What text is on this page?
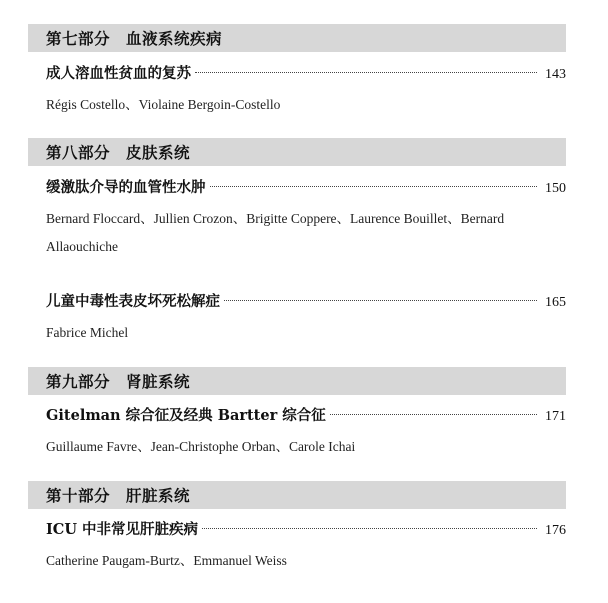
第七部分 血液系统疾病
成人溶血性贫血的复苏	143
Régis Costello、Violaine Bergoin-Costello
第八部分 皮肤系统
缓激肽介导的血管性水肿	150
Bernard Floccard、Jullien Crozon、Brigitte Coppere、Laurence Bouillet、Bernard Allaouchiche
儿童中毒性表皮坏死松解症	165
Fabrice Michel
第九部分 肾脏系统
Gitelman 综合征及经典 Bartter 综合征	171
Guillaume Favre、Jean-Christophe Orban、Carole Ichai
第十部分 肝脏系统
ICU 中非常见肝脏疾病	176
Catherine Paugam-Burtz、Emmanuel Weiss
